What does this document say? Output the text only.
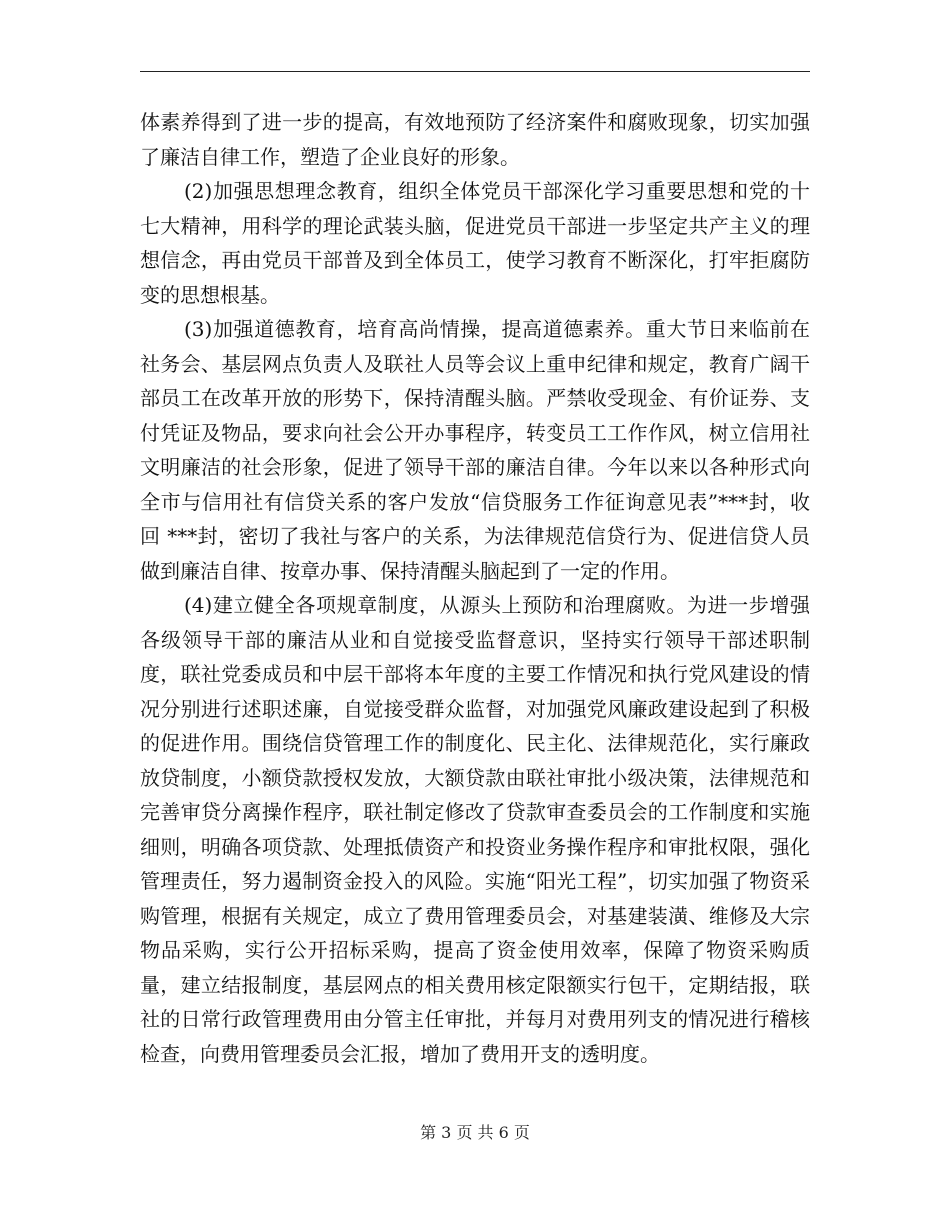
体素养得到了进一步的提高，有效地预防了经济案件和腐败现象，切实加强了廉洁自律工作，塑造了企业良好的形象。

(2)加强思想理念教育，组织全体党员干部深化学习重要思想和党的十七大精神，用科学的理论武装头脑，促进党员干部进一步坚定共产主义的理想信念，再由党员干部普及到全体员工，使学习教育不断深化，打牢拒腐防变的思想根基。

(3)加强道德教育，培育高尚情操，提高道德素养。重大节日来临前在社务会、基层网点负责人及联社人员等会议上重申纪律和规定，教育广阔干部员工在改革开放的形势下，保持清醒头脑。严禁收受现金、有价证券、支付凭证及物品，要求向社会公开办事程序，转变员工工作作风，树立信用社文明廉洁的社会形象，促进了领导干部的廉洁自律。今年以来以各种形式向全市与信用社有信贷关系的客户发放“信贷服务工作征询意见表”***封，收回 ***封，密切了我社与客户的关系，为法律规范信贷行为、促进信贷人员做到廉洁自律、按章办事、保持清醒头脑起到了一定的作用。

(4)建立健全各项规章制度，从源头上预防和治理腐败。为进一步增强各级领导干部的廉洁从业和自觉接受监督意识，坚持实行领导干部述职制度，联社党委成员和中层干部将本年度的主要工作情况和执行党风建设的情况分别进行述职述廉，自觉接受群众监督，对加强党风廉政建设起到了积极的促进作用。围绕信贷管理工作的制度化、民主化、法律规范化，实行廉政放贷制度，小额贷款授权发放，大额贷款由联社审批小级决策，法律规范和完善审贷分离操作程序，联社制定修改了贷款审查委员会的工作制度和实施细则，明确各项贷款、处理抵债资产和投资业务操作程序和审批权限，强化管理责任，努力遏制资金投入的风险。实施“阳光工程”，切实加强了物资采购管理，根据有关规定，成立了费用管理委员会，对基建装潢、维修及大宗物品采购，实行公开招标采购，提高了资金使用效率，保障了物资采购质量，建立结报制度，基层网点的相关费用核定限额实行包干，定期结报，联社的日常行政管理费用由分管主任审批，并每月对费用列支的情况进行稽核检查，向费用管理委员会汇报，增加了费用开支的透明度。

第 3 页 共 6 页
